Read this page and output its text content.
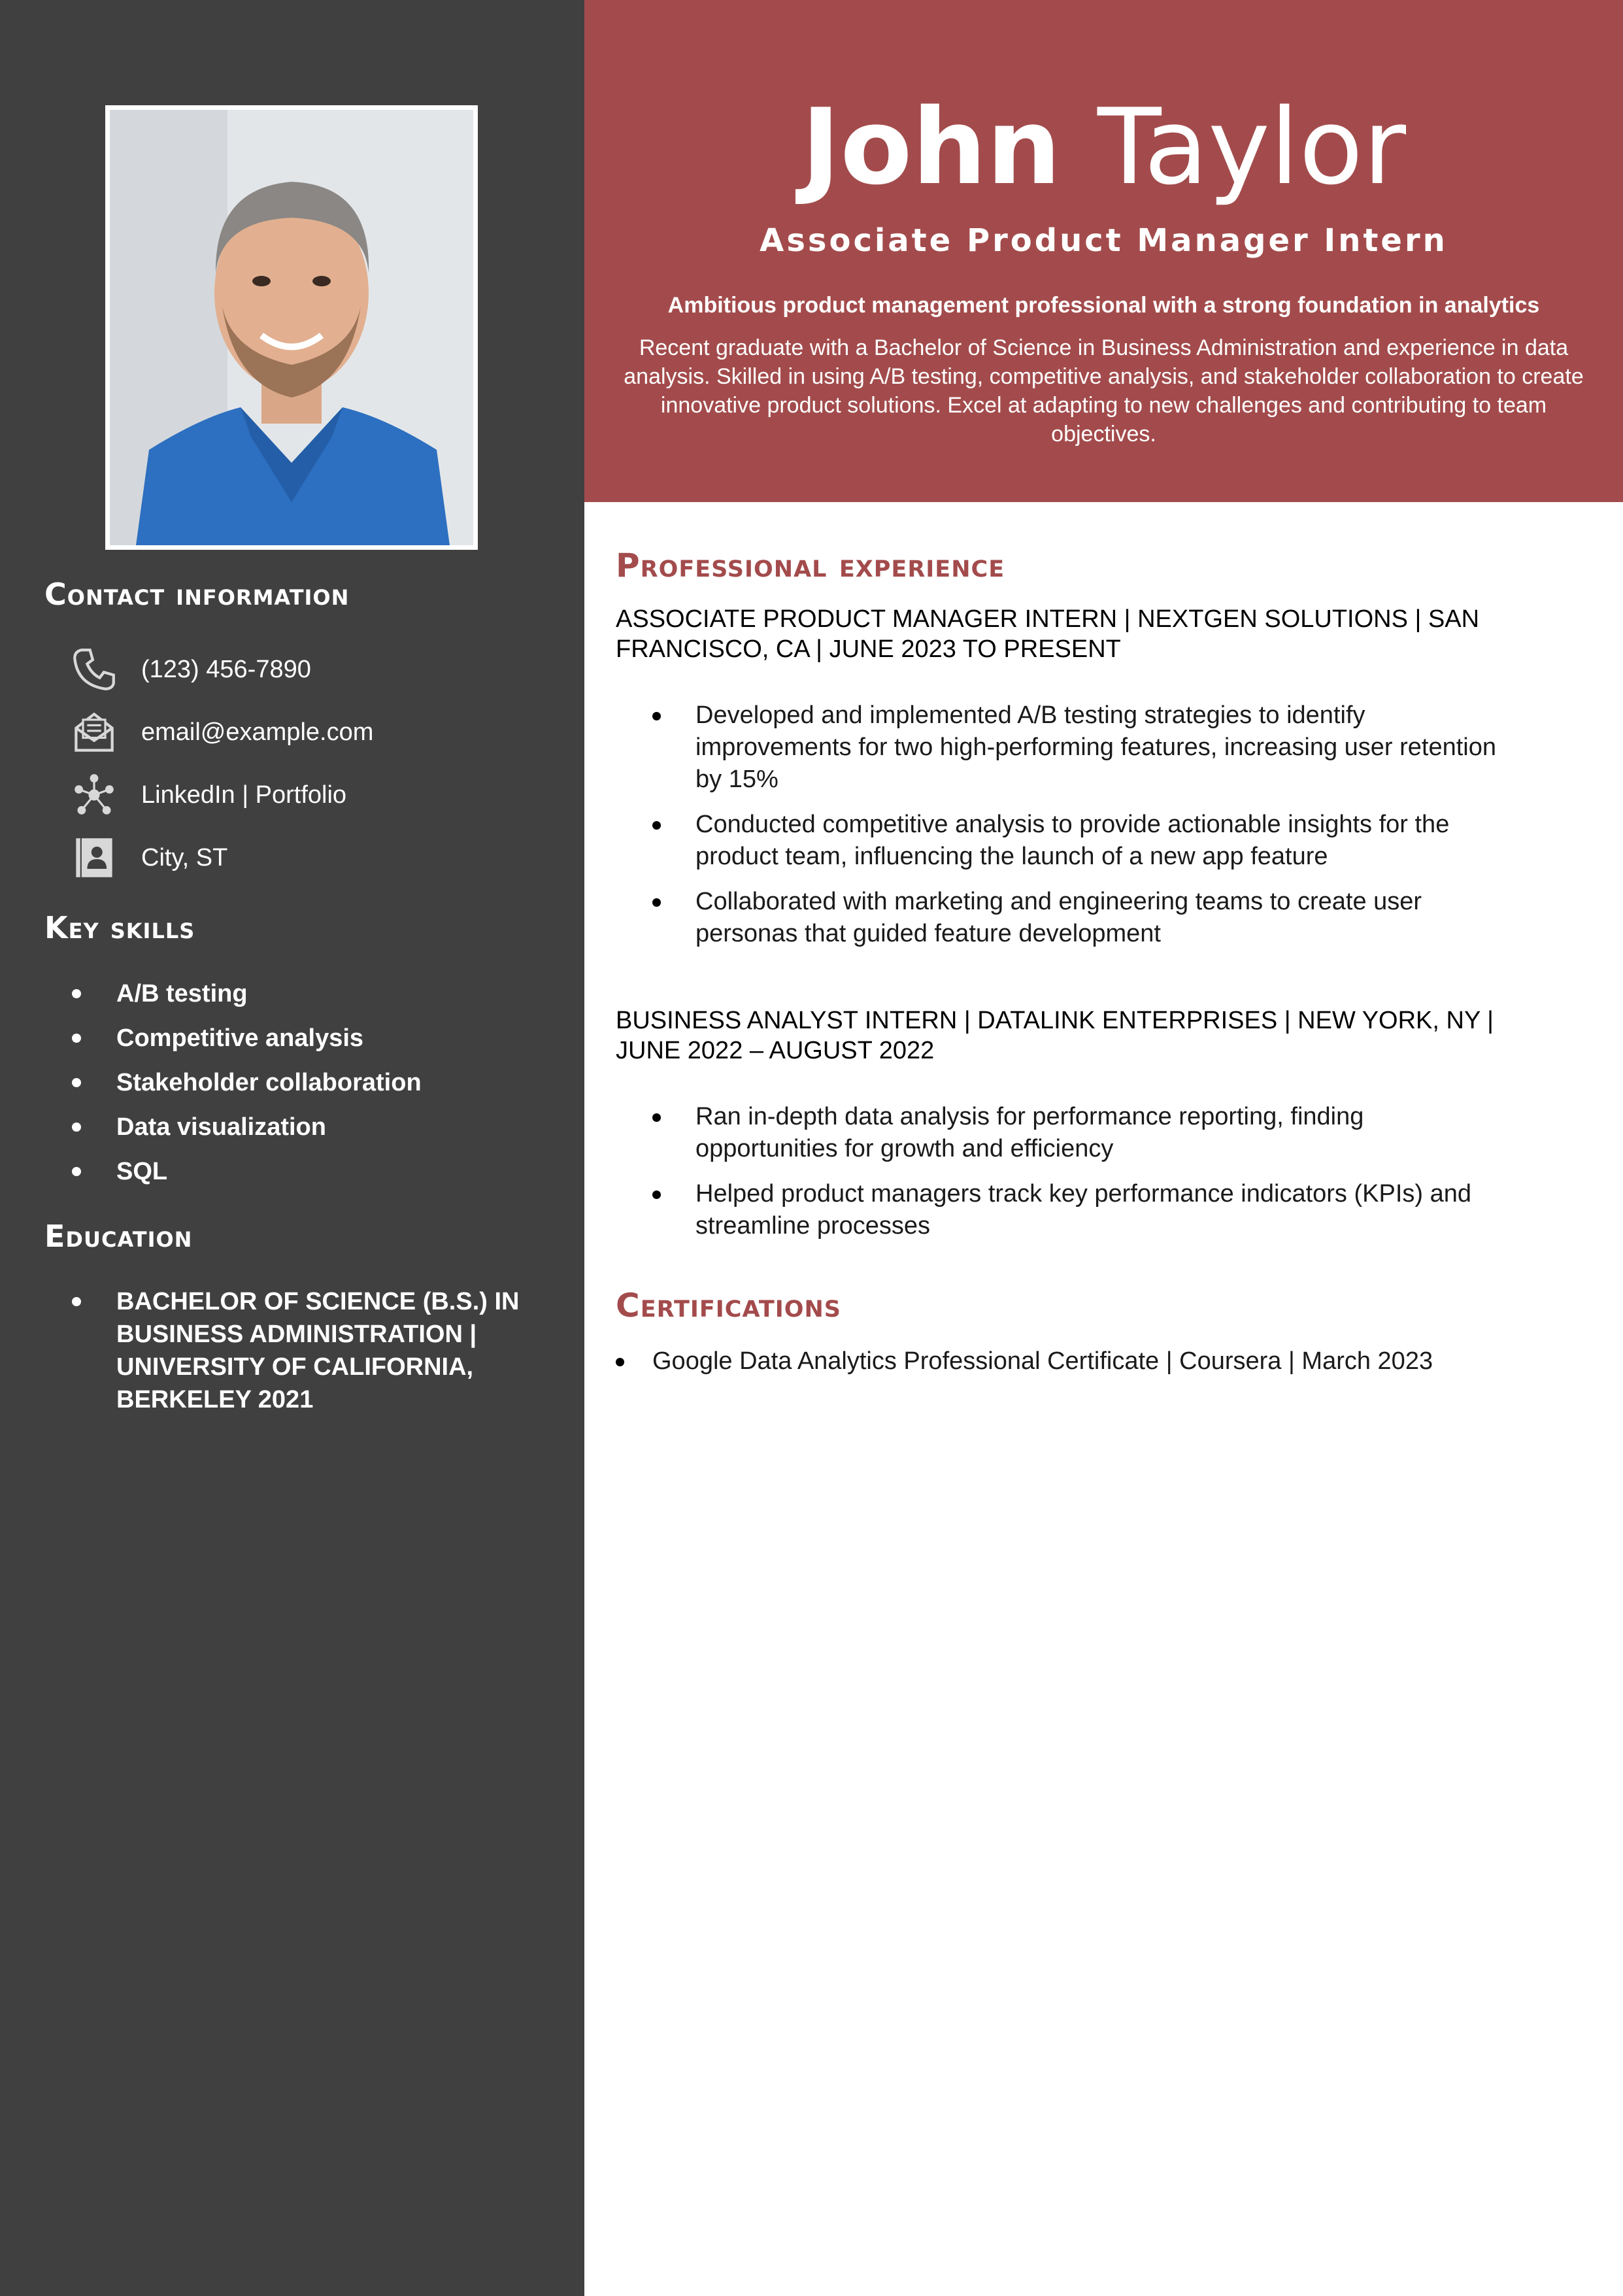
Contact information
(123) 456-7890
email@example.com
LinkedIn | Portfolio
City, ST
Key skills
A/B testing
Competitive analysis
Stakeholder collaboration
Data visualization
SQL
Education
BACHELOR OF SCIENCE (B.S.) IN BUSINESS ADMINISTRATION | UNIVERSITY OF CALIFORNIA, BERKELEY 2021
John Taylor
Associate Product Manager Intern

Ambitious product management professional with a strong foundation in analytics

Recent graduate with a Bachelor of Science in Business Administration and experience in data analysis. Skilled in using A/B testing, competitive analysis, and stakeholder collaboration to create innovative product solutions. Excel at adapting to new challenges and contributing to team objectives.

Professional experience

ASSOCIATE PRODUCT MANAGER INTERN | NEXTGEN SOLUTIONS | SAN FRANCISCO, CA | JUNE 2023 TO PRESENT

Developed and implemented A/B testing strategies to identify improvements for two high-performing features, increasing user retention by 15%
Conducted competitive analysis to provide actionable insights for the product team, influencing the launch of a new app feature
Collaborated with marketing and engineering teams to create user personas that guided feature development

BUSINESS ANALYST INTERN | DATALINK ENTERPRISES | NEW YORK, NY | JUNE 2022 – AUGUST 2022

Ran in-depth data analysis for performance reporting, finding opportunities for growth and efficiency
Helped product managers track key performance indicators (KPIs) and streamline processes
Certifications
Google Data Analytics Professional Certificate | Coursera | March 2023
